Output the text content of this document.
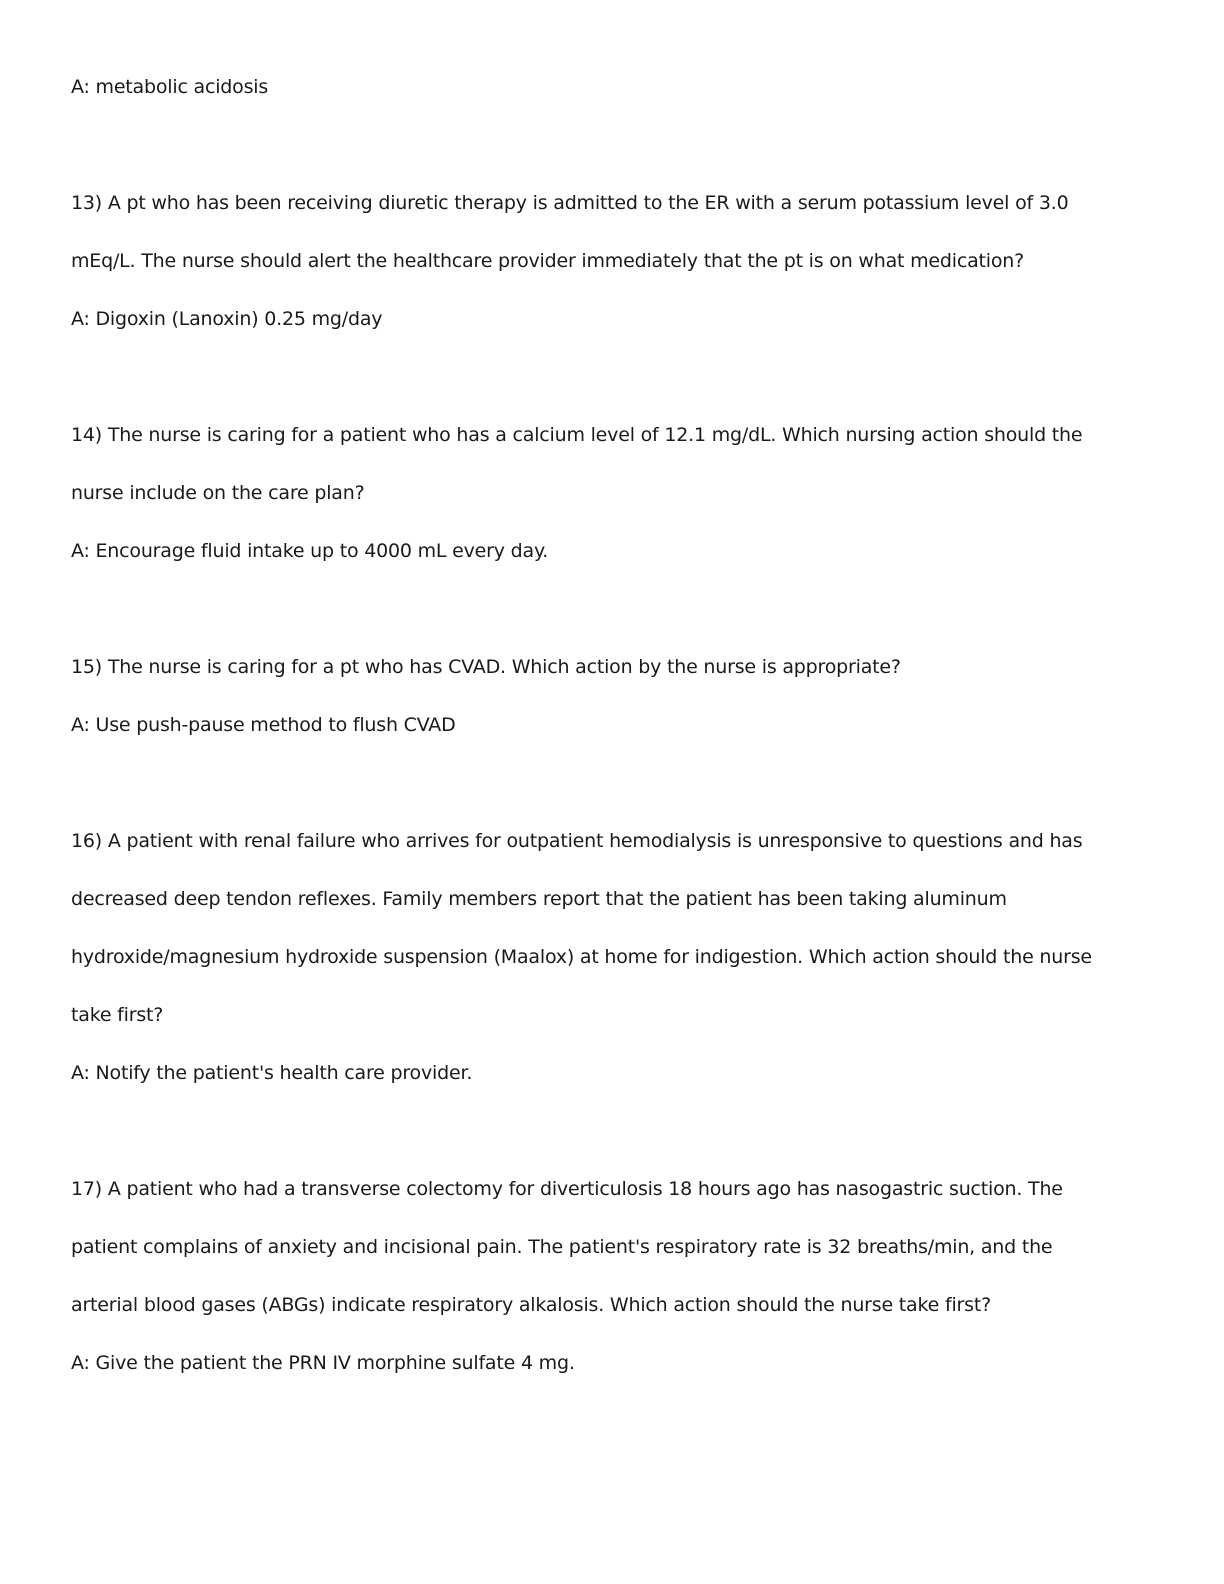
A: metabolic acidosis
13) A pt who has been receiving diuretic therapy is admitted to the ER with a serum potassium level of 3.0
mEq/L. The nurse should alert the healthcare provider immediately that the pt is on what medication?
A: Digoxin (Lanoxin) 0.25 mg/day
14) The nurse is caring for a patient who has a calcium level of 12.1 mg/dL. Which nursing action should the
nurse include on the care plan?
A: Encourage fluid intake up to 4000 mL every day.
15) The nurse is caring for a pt who has CVAD. Which action by the nurse is appropriate?
A: Use push-pause method to flush CVAD
16) A patient with renal failure who arrives for outpatient hemodialysis is unresponsive to questions and has
decreased deep tendon reflexes. Family members report that the patient has been taking aluminum
hydroxide/magnesium hydroxide suspension (Maalox) at home for indigestion. Which action should the nurse
take first?
A: Notify the patient's health care provider.
17) A patient who had a transverse colectomy for diverticulosis 18 hours ago has nasogastric suction. The
patient complains of anxiety and incisional pain. The patient's respiratory rate is 32 breaths/min, and the
arterial blood gases (ABGs) indicate respiratory alkalosis. Which action should the nurse take first?
A: Give the patient the PRN IV morphine sulfate 4 mg.
